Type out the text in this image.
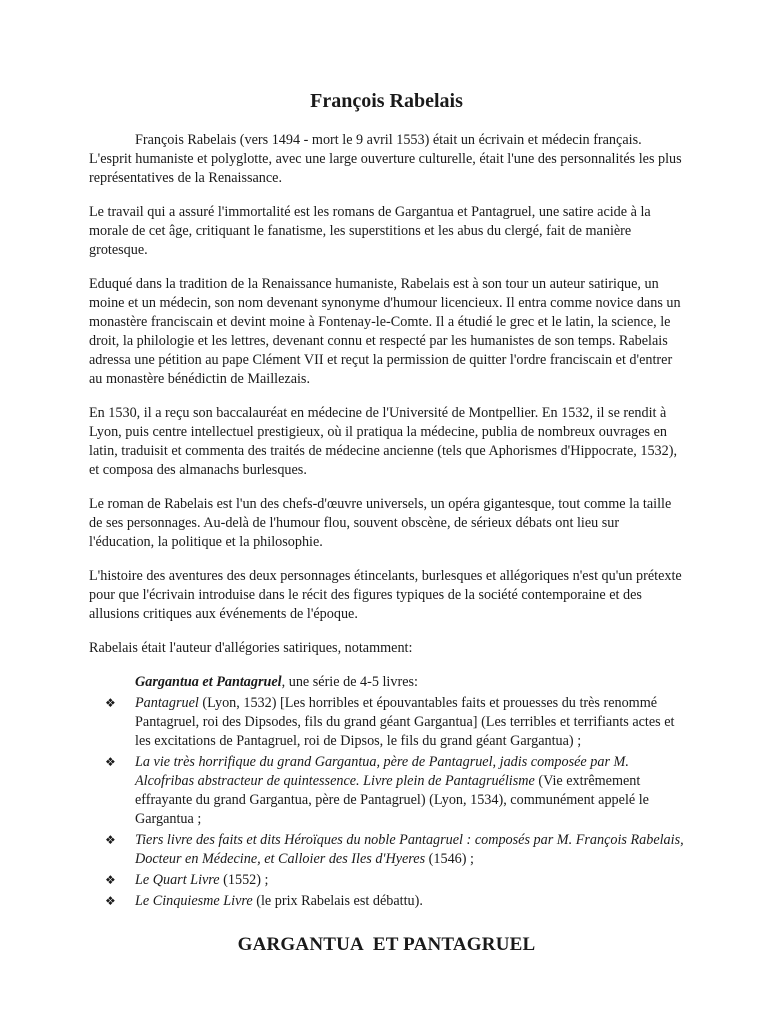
François Rabelais

François Rabelais (vers 1494 - mort le 9 avril 1553) était un écrivain et médecin français. L'esprit humaniste et polyglotte, avec une large ouverture culturelle, était l'une des personnalités les plus représentatives de la Renaissance.

Le travail qui a assuré l'immortalité est les romans de Gargantua et Pantagruel, une satire acide à la morale de cet âge, critiquant le fanatisme, les superstitions et les abus du clergé, fait de manière grotesque.

Eduqué dans la tradition de la Renaissance humaniste, Rabelais est à son tour un auteur satirique, un moine et un médecin, son nom devenant synonyme d'humour licencieux. Il entra comme novice dans un monastère franciscain et devint moine à Fontenay-le-Comte. Il a étudié le grec et le latin, la science, le droit, la philologie et les lettres, devenant connu et respecté par les humanistes de son temps. Rabelais adressa une pétition au pape Clément VII et reçut la permission de quitter l'ordre franciscain et d'entrer au monastère bénédictin de Maillezais.

En 1530, il a reçu son baccalauréat en médecine de l'Université de Montpellier. En 1532, il se rendit à Lyon, puis centre intellectuel prestigieux, où il pratiqua la médecine, publia de nombreux ouvrages en latin, traduisit et commenta des traités de médecine ancienne (tels que Aphorismes d'Hippocrate, 1532), et composa des almanachs burlesques.

Le roman de Rabelais est l'un des chefs-d'œuvre universels, un opéra gigantesque, tout comme la taille de ses personnages. Au-delà de l'humour flou, souvent obscène, de sérieux débats ont lieu sur l'éducation, la politique et la philosophie.

L'histoire des aventures des deux personnages étincelants, burlesques et allégoriques n'est qu'un prétexte pour que l'écrivain introduise dans le récit des figures typiques de la société contemporaine et des allusions critiques aux événements de l'époque.

Rabelais était l'auteur d'allégories satiriques, notamment:

Gargantua et Pantagruel, une série de 4-5 livres:
❖ Pantagruel (Lyon, 1532) [Les horribles et épouvantables faits et prouesses du très renommé Pantagruel, roi des Dipsodes, fils du grand géant Gargantua] (Les terribles et terrifiants actes et les excitations de Pantagruel, roi de Dipsos, le fils du grand géant Gargantua) ;
❖ La vie très horrifique du grand Gargantua, père de Pantagruel, jadis composée par M. Alcofribas abstracteur de quintessence. Livre plein de Pantagruélisme (Vie extrêmement effrayante du grand Gargantua, père de Pantagruel) (Lyon, 1534), communément appelé le Gargantua ;
❖ Tiers livre des faits et dits Héroïques du noble Pantagruel : composés par M. François Rabelais, Docteur en Médecine, et Calloier des Iles d'Hyeres (1546) ;
❖ Le Quart Livre (1552) ;
❖ Le Cinquiesme Livre (le prix Rabelais est débattu).
GARGANTUA  ET PANTAGRUEL
